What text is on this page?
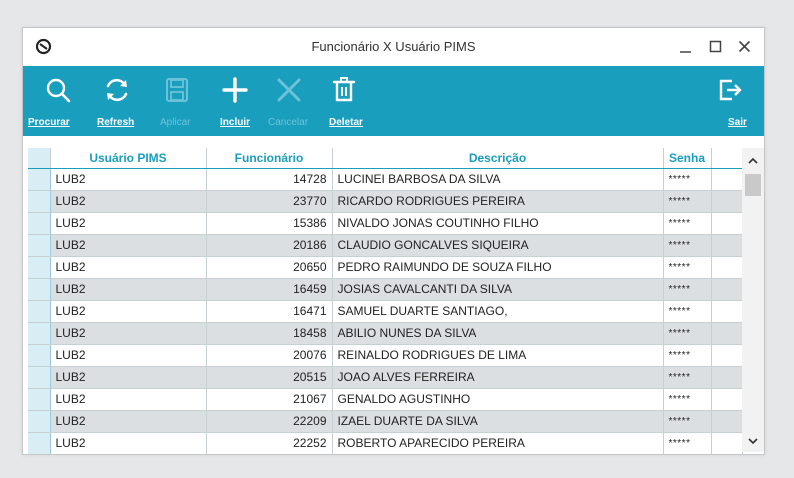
Funcionário X Usuário PIMS
Procurar	Refresh	Aplicar	Incluir Cancelar Deletar	Sair
	Usuário PIMS	Funcionário	Descrição	Senha	
	LUB2	14728	LUCINEI BARBOSA DA SILVA	*****	
	LUB2	23770	RICARDO RODRIGUES PEREIRA	*****	
	LUB2	15386	NIVALDO JONAS COUTINHO FILHO	*****	
	LUB2	20186	CLAUDIO GONCALVES SIQUEIRA	*****	
	LUB2	20650	PEDRO RAIMUNDO DE SOUZA FILHO	*****	
	LUB2	16459	JOSIAS CAVALCANTI DA SILVA	*****	
	LUB2	16471	SAMUEL DUARTE SANTIAGO,	*****	
	LUB2	18458	ABILIO NUNES DA SILVA	*****	
	LUB2	20076	REINALDO RODRIGUES DE LIMA	*****	
	LUB2	20515	JOAO ALVES FERREIRA	*****	
	LUB2	21067	GENALDO AGUSTINHO	*****	
	LUB2	22209	IZAEL DUARTE DA SILVA	*****	
	LUB2	22252	ROBERTO APARECIDO PEREIRA	*****	
